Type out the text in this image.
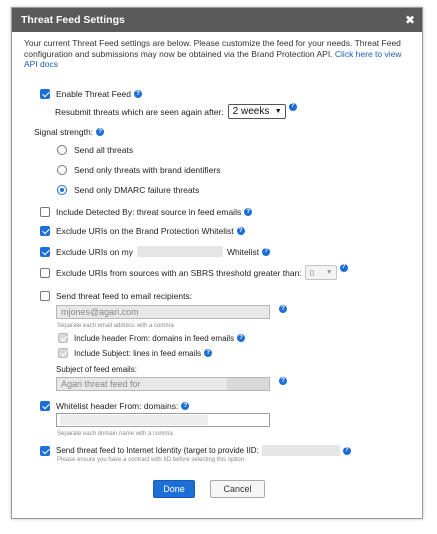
Threat Feed Settings	✖
Your current Threat Feed settings are below. Please customize the feed for your needs. Threat Feed configuration and submissions may now be obtained via the Brand Protection API. Click here to view API docs
Enable Threat Feed ?
Resubmit threats which are seen again after: 2 weeks ▼
?
Signal strength: ?
Send all threats
Send only threats with brand identifiers
Send only DMARC failure threats
Include Detected By: threat source in feed emails ?
Exclude URIs on the Brand Protection Whitelist ?
Exclude URIs on my	Whitelist ?
Exclude URIs from sources with an SBRS threshold greater than: 0 ▼
?
Send threat feed to email recipients:
mjones@agari.com	?
Separate each email address with a comma
Include header From: domains in feed emails ?
Include Subject: lines in feed emails ?
Subject of feed emails:
Agari threat feed for	?
Whitelist header From: domains: ?
Separate each domain name with a comma
Send threat feed to Internet Identity (target to provide IID:	?
Please ensure you have a contract with IID before selecting this option.
Done	Cancel
